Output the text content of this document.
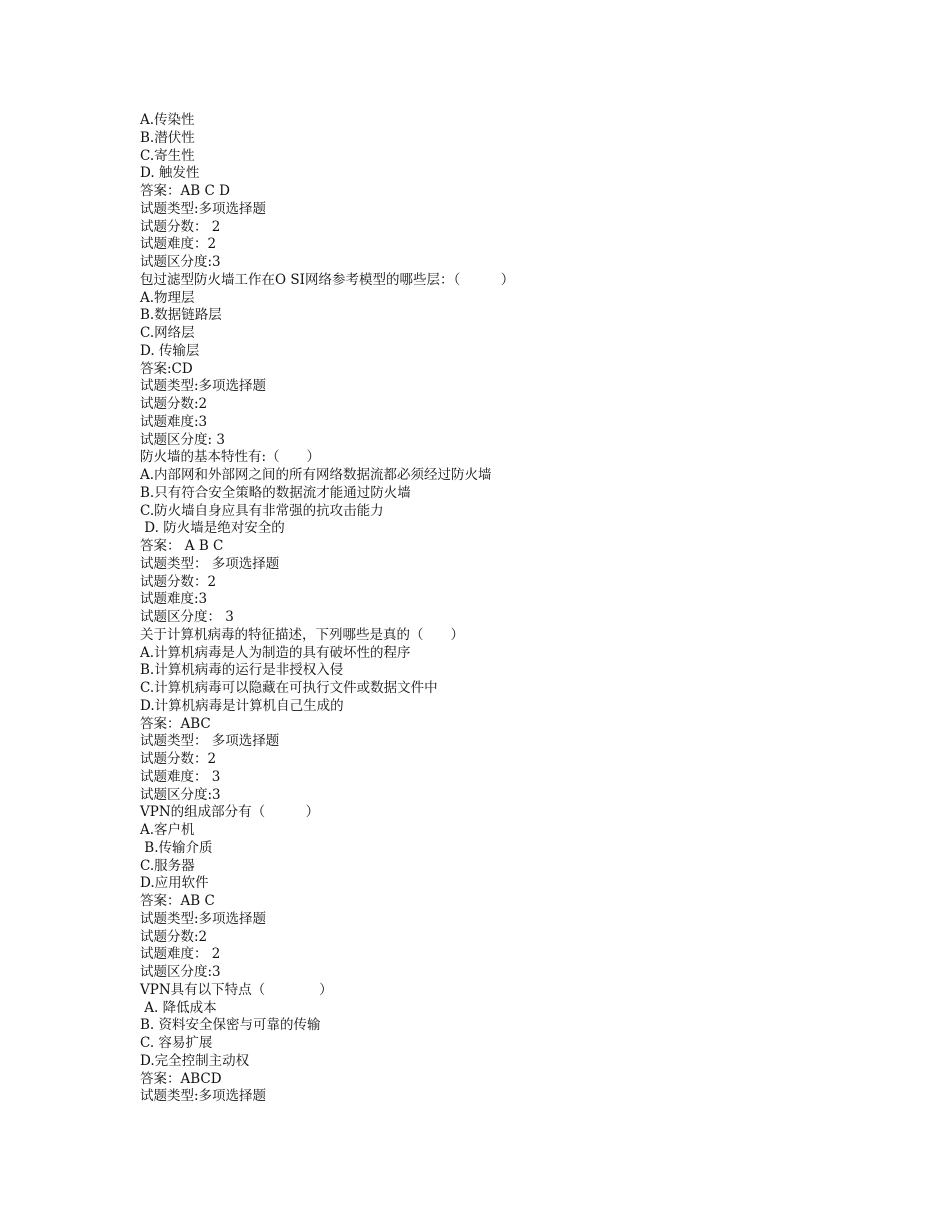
A.传染性
B.潜伏性
C.寄生性
D. 触发性
答案：AB C D
试题类型:多项选择题
试题分数： 2
试题难度：2
试题区分度:3
包过滤型防火墙工作在O SI网络参考模型的哪些层：（　　　）
A.物理层
B.数据链路层
C.网络层
D. 传输层
答案:CD
试题类型:多项选择题
试题分数:2
试题难度:3
试题区分度: 3
防火墙的基本特性有:（　　）
A.内部网和外部网之间的所有网络数据流都必须经过防火墙
B.只有符合安全策略的数据流才能通过防火墙
C.防火墙自身应具有非常强的抗攻击能力
D. 防火墙是绝对安全的
答案： A B C
试题类型： 多项选择题
试题分数：2
试题难度:3
试题区分度： 3
关于计算机病毒的特征描述，下列哪些是真的（　　）
A.计算机病毒是人为制造的具有破坏性的程序
B.计算机病毒的运行是非授权入侵
C.计算机病毒可以隐藏在可执行文件或数据文件中
D.计算机病毒是计算机自己生成的
答案：ABC
试题类型： 多项选择题
试题分数：2
试题难度： 3
试题区分度:3
VPN的组成部分有（　　　）
A.客户机
B.传输介质
C.服务器
D.应用软件
答案：AB C
试题类型:多项选择题
试题分数:2
试题难度： 2
试题区分度:3
VPN具有以下特点（　　　　）
A. 降低成本
B. 资料安全保密与可靠的传输
C. 容易扩展
D.完全控制主动权
答案：ABCD
试题类型:多项选择题
